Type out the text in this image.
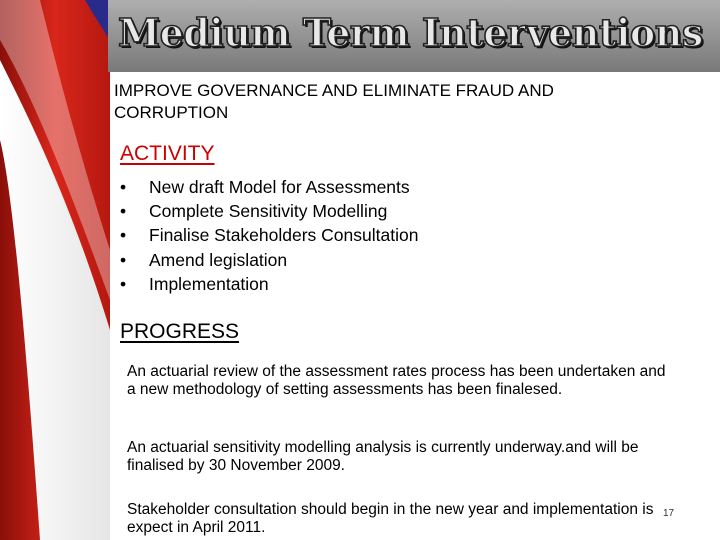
Medium Term Interventions
IMPROVE GOVERNANCE AND ELIMINATE FRAUD AND
CORRUPTION
ACTIVITY
•	New draft Model for Assessments
•	Complete Sensitivity Modelling
•	Finalise Stakeholders Consultation
•	Amend legislation
•	Implementation
PROGRESS
An actuarial review of the assessment rates process has been undertaken and a new methodology of setting assessments has been finalesed.
An actuarial sensitivity modelling analysis is currently underway.and will be finalised by 30 November 2009.
Stakeholder consultation should begin in the new year and implementation is expect in April 2011.
17
